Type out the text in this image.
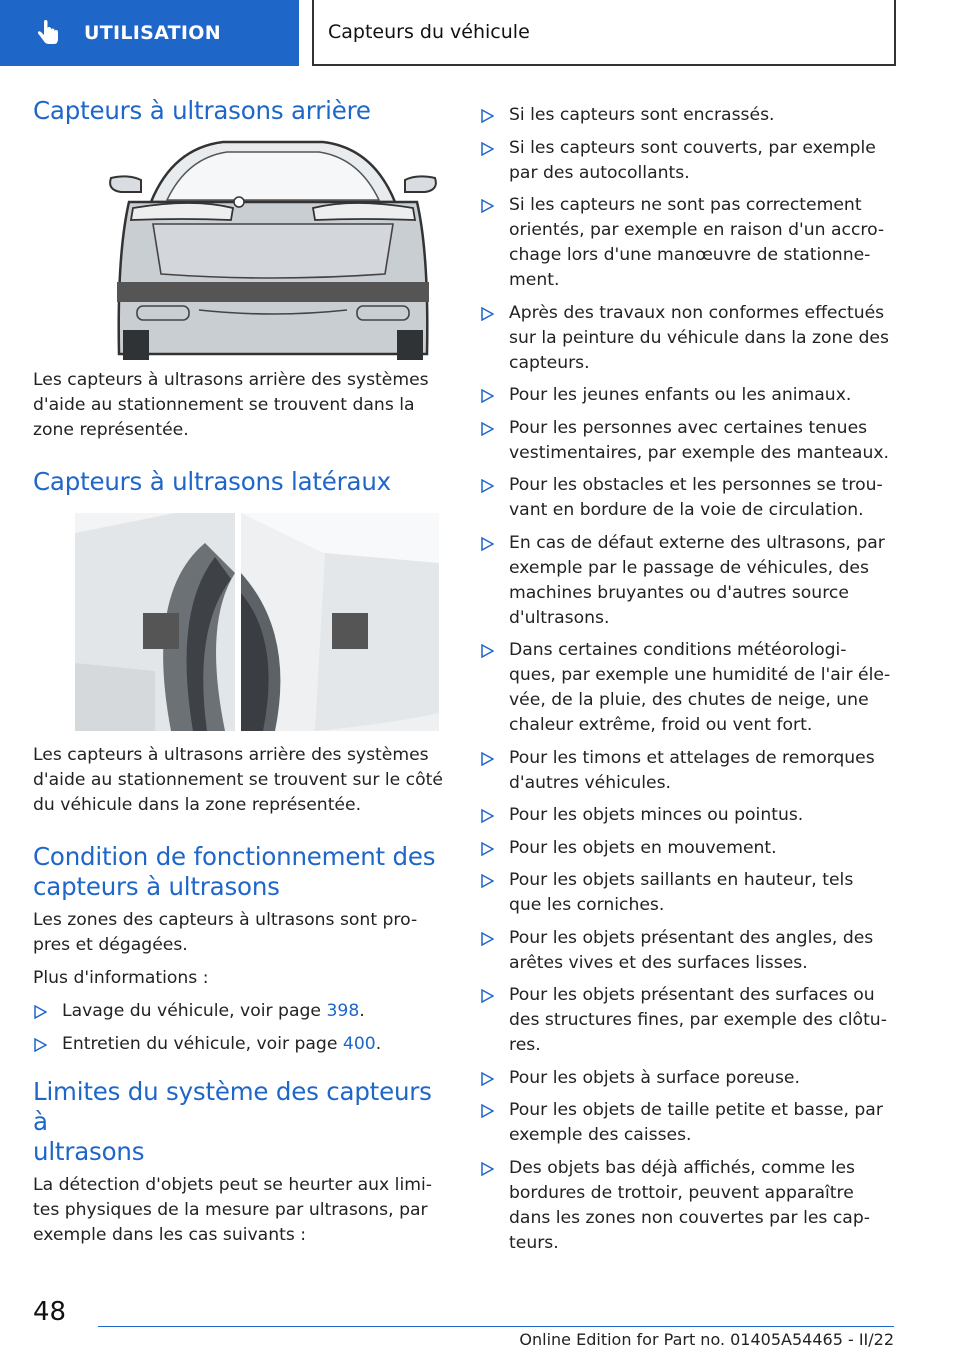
UTILISATION	Capteurs du véhicule
Capteurs à ultrasons arrière

Les capteurs à ultrasons arrière des systèmes d'aide au stationnement se trouvent dans la zone représentée.

Capteurs à ultrasons latéraux

Les capteurs à ultrasons arrière des systèmes d'aide au stationnement se trouvent sur le côté du véhicule dans la zone représentée.

Condition de fonctionnement des
capteurs à ultrasons

Les zones des capteurs à ultrasons sont pro-

pres et dégagées.

Plus d'informations :

Lavage du véhicule, voir page 398.
Entretien du véhicule, voir page 400.
Limites du système des capteurs à
ultrasons

La détection d'objets peut se heurter aux limi-tes physiques de la mesure par ultrasons, par exemple dans les cas suivants :

Si les capteurs sont encrassés.
Si les capteurs sont couverts, par exemple
par des autocollants.
Si les capteurs ne sont pas correctement
orientés, par exemple en raison d'un accro-
chage lors d'une manœuvre de stationne-
ment.
Après des travaux non conformes effectués
sur la peinture du véhicule dans la zone des
capteurs.
Pour les jeunes enfants ou les animaux.
Pour les personnes avec certaines tenues
vestimentaires, par exemple des manteaux.
Pour les obstacles et les personnes se trou-
vant en bordure de la voie de circulation.
En cas de défaut externe des ultrasons, par
exemple par le passage de véhicules, des
machines bruyantes ou d'autres source
d'ultrasons.
Dans certaines conditions météorologi-
ques, par exemple une humidité de l'air éle-
vée, de la pluie, des chutes de neige, une
chaleur extrême, froid ou vent fort.
Pour les timons et attelages de remorques
d'autres véhicules.
Pour les objets minces ou pointus.
Pour les objets en mouvement.
Pour les objets saillants en hauteur, tels
que les corniches.
Pour les objets présentant des angles, des
arêtes vives et des surfaces lisses.
Pour les objets présentant des surfaces ou
des structures fines, par exemple des clôtu-
res.
Pour les objets à surface poreuse.
Pour les objets de taille petite et basse, par
exemple des caisses.
Des objets bas déjà affichés, comme les
bordures de trottoir, peuvent apparaître
dans les zones non couvertes par les cap-
teurs.
48
Online Edition for Part no. 01405A54465 - II/22
